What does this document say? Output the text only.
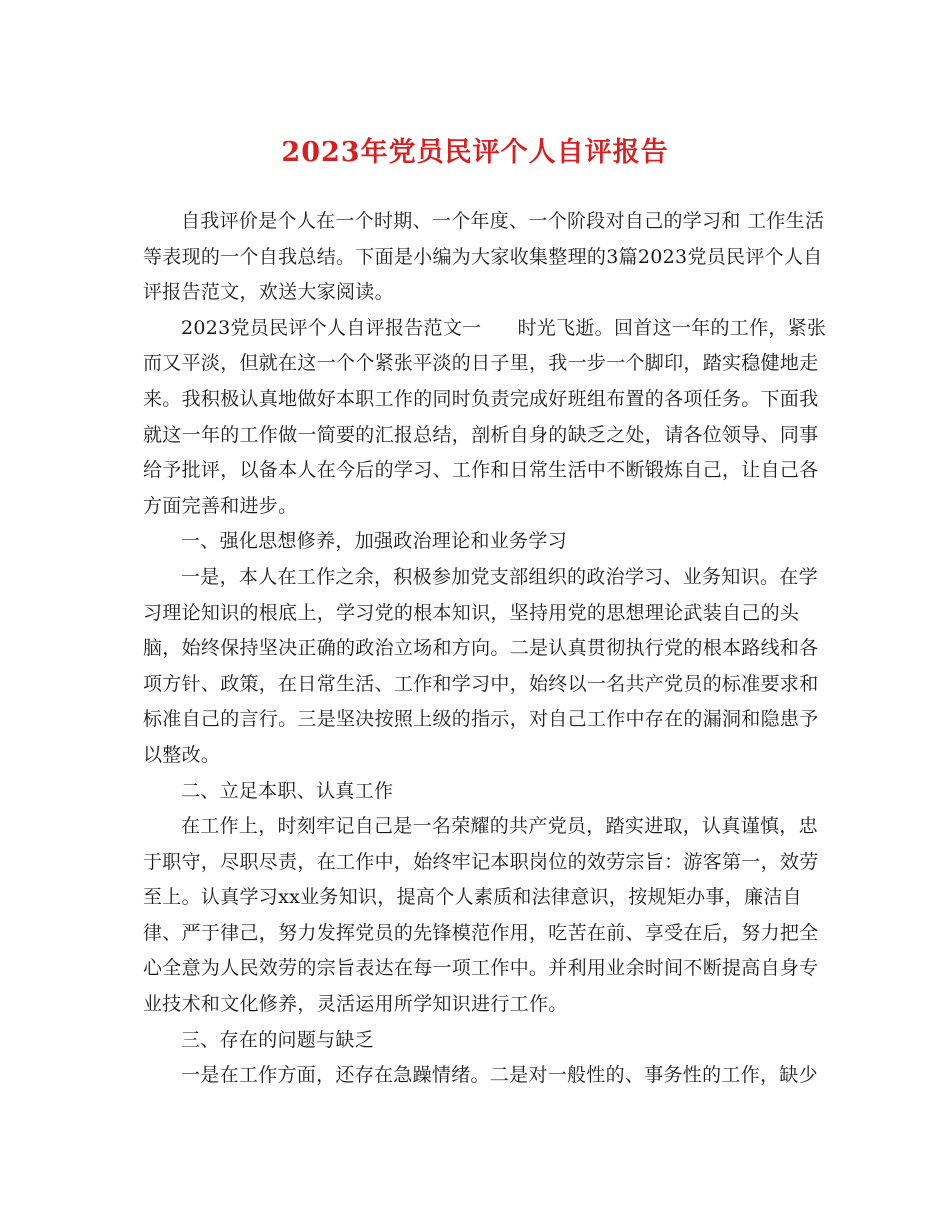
2023年党员民评个人自评报告
自我评价是个人在一个时期、一个年度、一个阶段对自己的学习和 工作生活
等表现的一个自我总结。下面是小编为大家收集整理的3篇2023党员民评个人自
评报告范文，欢送大家阅读。
2023党员民评个人自评报告范文一 时光飞逝。回首这一年的工作，紧张
而又平淡，但就在这一个个紧张平淡的日子里，我一步一个脚印，踏实稳健地走
来。我积极认真地做好本职工作的同时负责完成好班组布置的各项任务。下面我
就这一年的工作做一简要的汇报总结，剖析自身的缺乏之处，请各位领导、同事
给予批评，以备本人在今后的学习、工作和日常生活中不断锻炼自己，让自己各
方面完善和进步。
一、强化思想修养，加强政治理论和业务学习
一是，本人在工作之余，积极参加党支部组织的政治学习、业务知识。在学
习理论知识的根底上，学习党的根本知识，坚持用党的思想理论武装自己的头
脑，始终保持坚决正确的政治立场和方向。二是认真贯彻执行党的根本路线和各
项方针、政策，在日常生活、工作和学习中，始终以一名共产党员的标准要求和
标准自己的言行。三是坚决按照上级的指示，对自己工作中存在的漏洞和隐患予
以整改。
二、立足本职、认真工作
在工作上，时刻牢记自己是一名荣耀的共产党员，踏实进取，认真谨慎，忠
于职守，尽职尽责，在工作中，始终牢记本职岗位的效劳宗旨：游客第一，效劳
至上。认真学习xx业务知识，提高个人素质和法律意识，按规矩办事，廉洁自
律、严于律己，努力发挥党员的先锋模范作用，吃苦在前、享受在后，努力把全
心全意为人民效劳的宗旨表达在每一项工作中。并利用业余时间不断提高自身专
业技术和文化修养，灵活运用所学知识进行工作。
三、存在的问题与缺乏
一是在工作方面，还存在急躁情绪。二是对一般性的、事务性的工作，缺少
